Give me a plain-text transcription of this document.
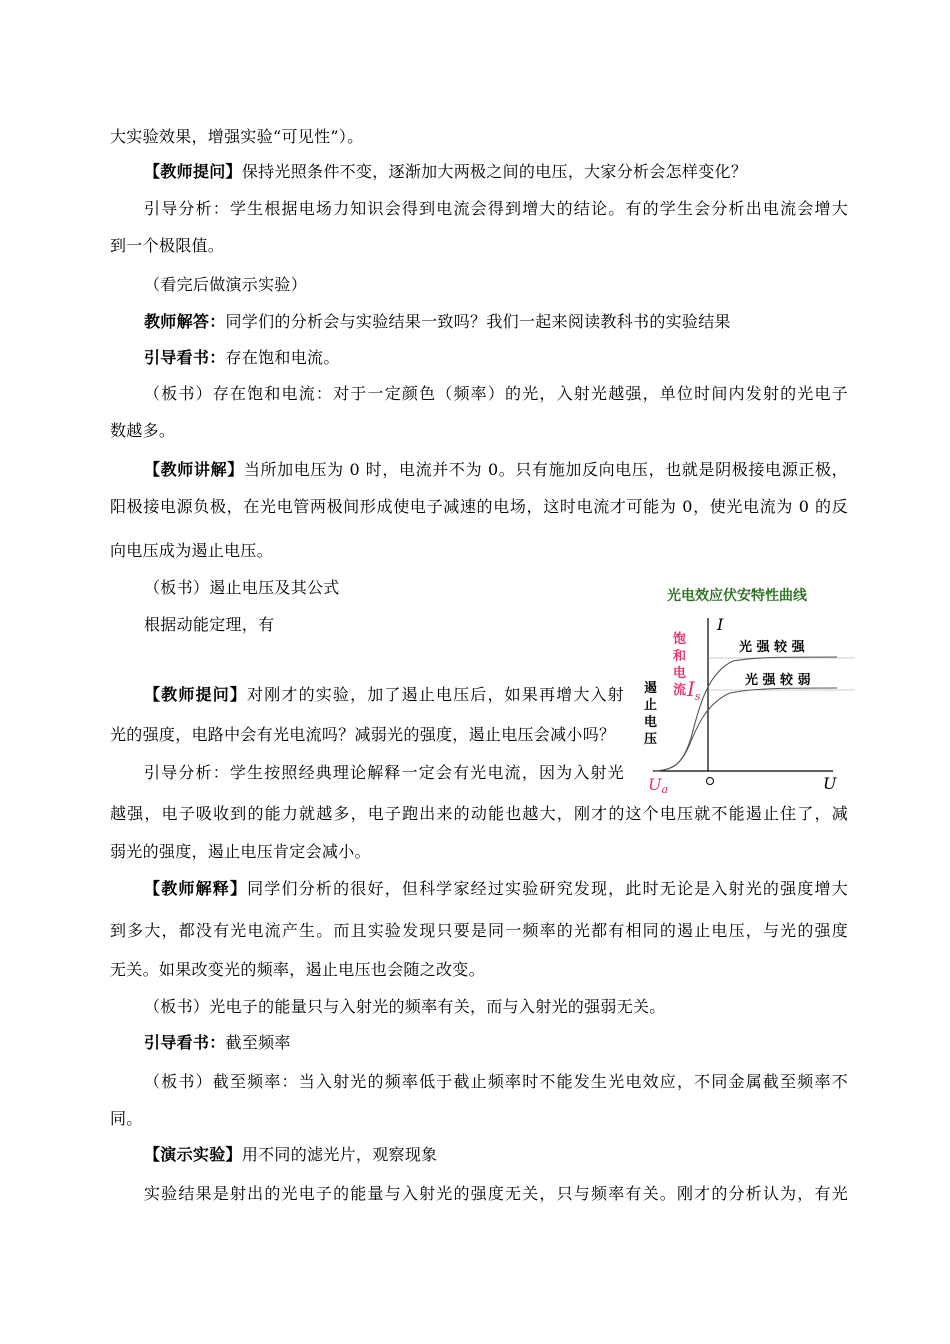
大实验效果，增强实验“可见性”）。
【教师提问】保持光照条件不变，逐渐加大两极之间的电压，大家分析会怎样变化？
引导分析：学生根据电场力知识会得到电流会得到增大的结论。有的学生会分析出电流会增大
到一个极限值。
（看完后做演示实验）
教师解答：同学们的分析会与实验结果一致吗？我们一起来阅读教科书的实验结果
引导看书：存在饱和电流。
（板书）存在饱和电流：对于一定颜色（频率）的光，入射光越强，单位时间内发射的光电子
数越多。
【教师讲解】当所加电压为 0 时，电流并不为 0。只有施加反向电压，也就是阴极接电源正极，
阳极接电源负极，在光电管两极间形成使电子减速的电场，这时电流才可能为 0，使光电流为 0 的反
向电压成为遏止电压。
（板书）遏止电压及其公式
根据动能定理，有
【教师提问】对刚才的实验，加了遏止电压后，如果再增大入射
光的强度，电路中会有光电流吗？减弱光的强度，遏止电压会减小吗？
引导分析：学生按照经典理论解释一定会有光电流，因为入射光
越强，电子吸收到的能力就越多，电子跑出来的动能也越大，刚才的这个电压就不能遏止住了，减
弱光的强度，遏止电压肯定会减小。
【教师解释】同学们分析的很好，但科学家经过实验研究发现，此时无论是入射光的强度增大
到多大，都没有光电流产生。而且实验发现只要是同一频率的光都有相同的遏止电压，与光的强度
无关。如果改变光的频率，遏止电压也会随之改变。
（板书）光电子的能量只与入射光的频率有关，而与入射光的强弱无关。
引导看书：截至频率
（板书）截至频率：当入射光的频率低于截止频率时不能发生光电效应，不同金属截至频率不
同。
【演示实验】用不同的滤光片，观察现象
实验结果是射出的光电子的能量与入射光的强度无关，只与频率有关。刚才的分析认为，有光
光电效应伏安特性曲线
I
U
光 强 较 强
光 强 较 弱
饱
和
电
流 $I_s$
遏
止
电
压
Ua
